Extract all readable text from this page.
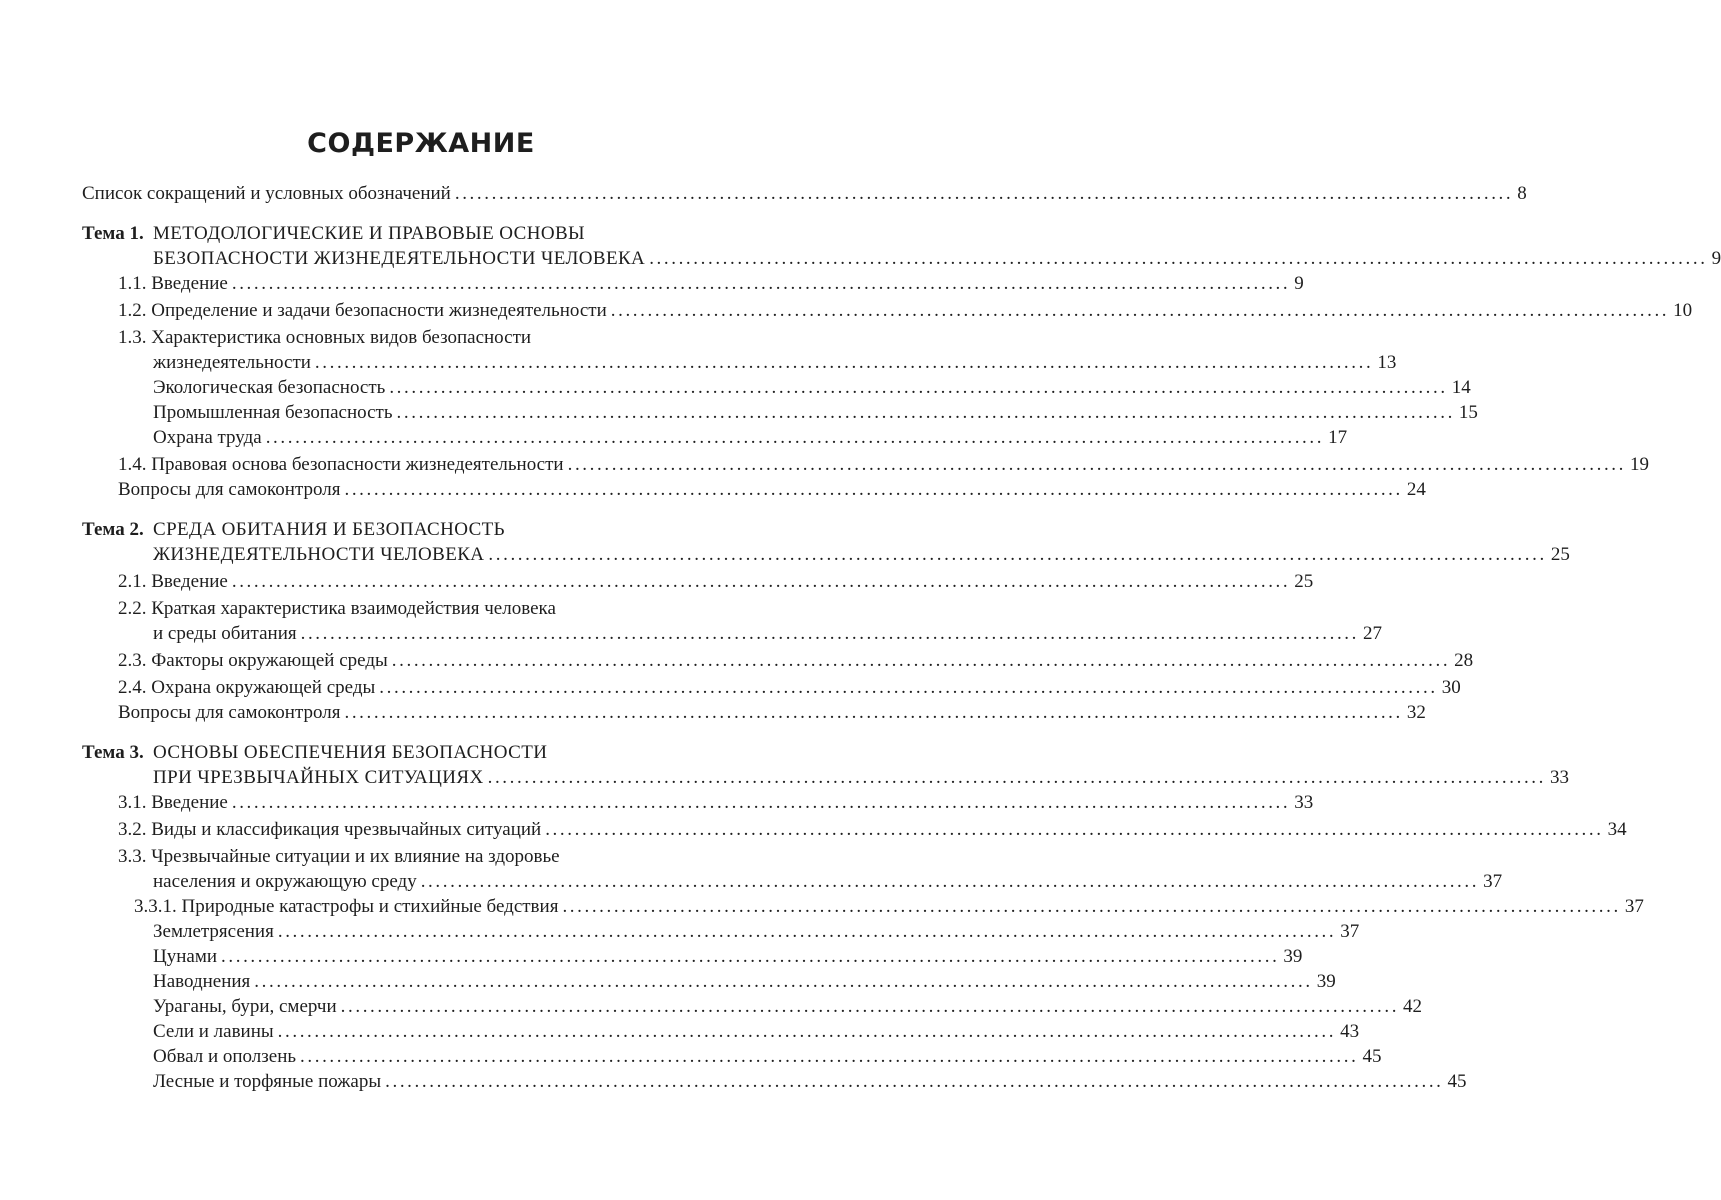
СОДЕРЖАНИЕ
Список сокращений и условных обозначений ................................................................................................................................................ 8
Тема 1. МЕТОДОЛОГИЧЕСКИЕ И ПРАВОВЫЕ ОСНОВЫ
БЕЗОПАСНОСТИ ЖИЗНЕДЕЯТЕЛЬНОСТИ ЧЕЛОВЕКА ................................................................................................................................................ 9
1.1. Введение ................................................................................................................................................ 9
1.2. Определение и задачи безопасности жизнедеятельности ................................................................................................................................................ 10
1.3. Характеристика основных видов безопасности
жизнедеятельности ................................................................................................................................................ 13
Экологическая безопасность ................................................................................................................................................ 14
Промышленная безопасность ................................................................................................................................................ 15
Охрана труда ................................................................................................................................................ 17
1.4. Правовая основа безопасности жизнедеятельности ................................................................................................................................................ 19
Вопросы для самоконтроля ................................................................................................................................................ 24
Тема 2. СРЕДА ОБИТАНИЯ И БЕЗОПАСНОСТЬ
ЖИЗНЕДЕЯТЕЛЬНОСТИ ЧЕЛОВЕКА ................................................................................................................................................ 25
2.1. Введение ................................................................................................................................................ 25
2.2. Краткая характеристика взаимодействия человека
и среды обитания ................................................................................................................................................ 27
2.3. Факторы окружающей среды ................................................................................................................................................ 28
2.4. Охрана окружающей среды ................................................................................................................................................ 30
Вопросы для самоконтроля ................................................................................................................................................ 32
Тема 3. ОСНОВЫ ОБЕСПЕЧЕНИЯ БЕЗОПАСНОСТИ
ПРИ ЧРЕЗВЫЧАЙНЫХ СИТУАЦИЯХ ................................................................................................................................................ 33
3.1. Введение ................................................................................................................................................ 33
3.2. Виды и классификация чрезвычайных ситуаций ................................................................................................................................................ 34
3.3. Чрезвычайные ситуации и их влияние на здоровье
населения и окружающую среду ................................................................................................................................................ 37
3.3.1. Природные катастрофы и стихийные бедствия ................................................................................................................................................ 37
Землетрясения ................................................................................................................................................ 37
Цунами ................................................................................................................................................ 39
Наводнения ................................................................................................................................................ 39
Ураганы, бури, смерчи ................................................................................................................................................ 42
Сели и лавины ................................................................................................................................................ 43
Обвал и оползень ................................................................................................................................................ 45
Лесные и торфяные пожары ................................................................................................................................................ 45
